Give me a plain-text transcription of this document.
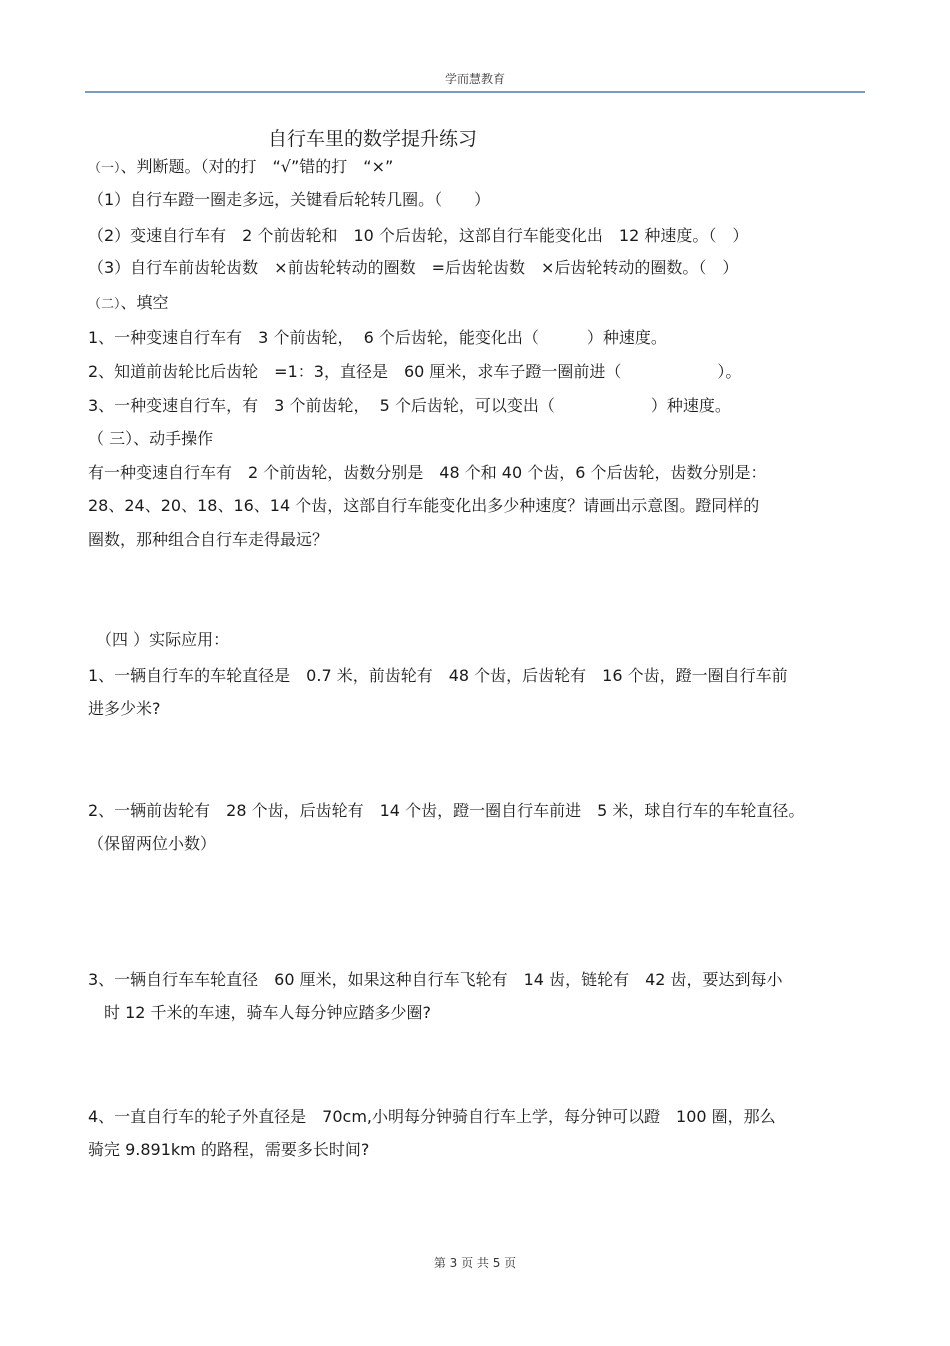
学而慧教育
自行车里的数学提升练习
（一）、判断题。（对的打　“√”错的打　“×”
（1）自行车蹬一圈走多远，关键看后轮转几圈。（　　）
（2）变速自行车有　2 个前齿轮和　10 个后齿轮，这部自行车能变化出　12 种速度。（　）
（3）自行车前齿轮齿数　×前齿轮转动的圈数　=后齿轮齿数　×后齿轮转动的圈数。（　）
（二）、填空
1、一种变速自行车有　3 个前齿轮，  6 个后齿轮，能变化出（　　　）种速度。
2、知道前齿轮比后齿轮　=1：3，直径是　60 厘米，求车子蹬一圈前进（　　　　　　）。
3、一种变速自行车，有　3 个前齿轮，  5 个后齿轮，可以变出（　　　　　　）种速度。
（ 三）、动手操作
有一种变速自行车有　2 个前齿轮，齿数分别是　48 个和 40 个齿，6 个后齿轮，齿数分别是：
28、24、20、18、16、14 个齿，这部自行车能变化出多少种速度？请画出示意图。蹬同样的
圈数，那种组合自行车走得最远？
（四 ）实际应用：
1、一辆自行车的车轮直径是　0.7 米，前齿轮有　48 个齿，后齿轮有　16 个齿，蹬一圈自行车前
进多少米?
2、一辆前齿轮有　28 个齿，后齿轮有　14 个齿，蹬一圈自行车前进　5 米，球自行车的车轮直径。
（保留两位小数）
3、一辆自行车车轮直径　60 厘米，如果这种自行车飞轮有　14 齿，链轮有　42 齿，要达到每小
　时 12 千米的车速，骑车人每分钟应踏多少圈?
4、一直自行车的轮子外直径是　70cm,小明每分钟骑自行车上学，每分钟可以蹬　100 圈，那么
骑完 9.891km 的路程，需要多长时间?
第 3 页 共 5 页
